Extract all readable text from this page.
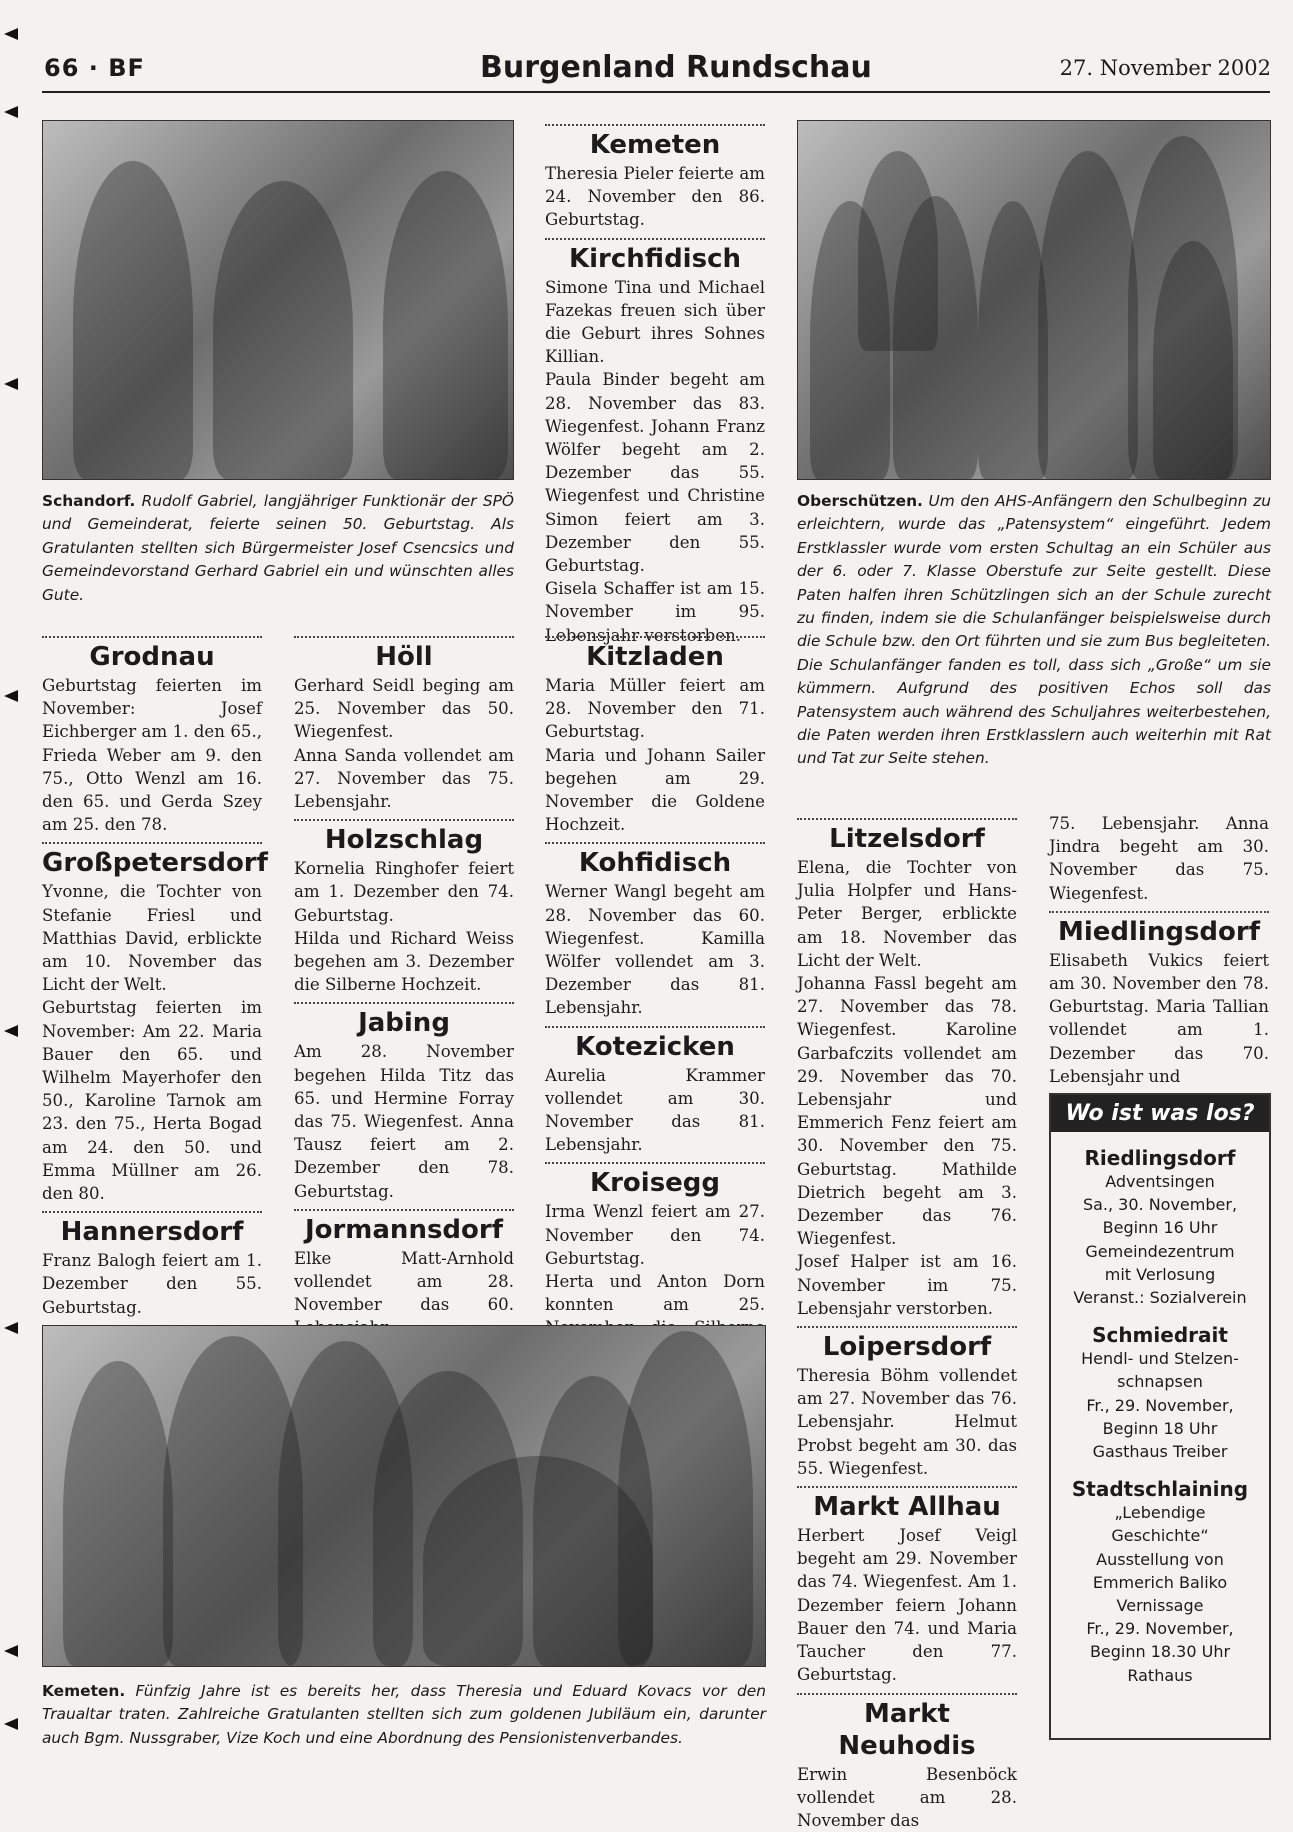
66 · BF	Burgenland Rundschau	27. November 2002
Schandorf. Rudolf Gabriel, langjähriger Funktionär der SPÖ und Gemeinderat, feierte seinen 50. Geburtstag. Als Gratulanten stellten sich Bürgermeister Josef Csencsics und Gemeindevorstand Gerhard Gabriel ein und wünschten alles Gute.
Oberschützen. Um den AHS-Anfängern den Schulbeginn zu erleichtern, wurde das „Patensystem“ eingeführt. Jedem Erstklassler wurde vom ersten Schultag an ein Schüler aus der 6. oder 7. Klasse Oberstufe zur Seite gestellt. Diese Paten halfen ihren Schützlingen sich an der Schule zurecht zu finden, indem sie die Schulanfänger beispielsweise durch die Schule bzw. den Ort führten und sie zum Bus begleiteten. Die Schulanfänger fanden es toll, dass sich „Große“ um sie kümmern. Aufgrund des positiven Echos soll das Patensystem auch während des Schuljahres weiterbestehen, die Paten werden ihren Erstklasslern auch weiterhin mit Rat und Tat zur Seite stehen.
Kemeten

Theresia Pieler feierte am 24. November den 86. Geburtstag.

Kirchfidisch

Simone Tina und Michael Fazekas freuen sich über die Geburt ihres Sohnes Killian.

Paula Binder begeht am 28. November das 83. Wiegenfest. Johann Franz Wölfer begeht am 2. Dezember das 55. Wiegenfest und Christine Simon feiert am 3. Dezember den 55. Geburtstag.

Gisela Schaffer ist am 15. November im 95. Lebensjahr verstorben.

Grodnau

Geburtstag feierten im November: Josef Eichberger am 1. den 65., Frieda Weber am 9. den 75., Otto Wenzl am 16. den 65. und Gerda Szey am 25. den 78.

Großpetersdorf

Yvonne, die Tochter von Stefanie Friesl und Matthias David, erblickte am 10. November das Licht der Welt.

Geburtstag feierten im November: Am 22. Maria Bauer den 65. und Wilhelm Mayerhofer den 50., Karoline Tarnok am 23. den 75., Herta Bogad am 24. den 50. und Emma Müllner am 26. den 80.

Hannersdorf

Franz Balogh feiert am 1. Dezember den 55. Geburtstag.

Höll

Gerhard Seidl beging am 25. November das 50. Wiegenfest.

Anna Sanda vollendet am 27. November das 75. Lebensjahr.

Holzschlag

Kornelia Ringhofer feiert am 1. Dezember den 74. Geburtstag.

Hilda und Richard Weiss begehen am 3. Dezember die Silberne Hochzeit.

Jabing

Am 28. November begehen Hilda Titz das 65. und Hermine Forray das 75. Wiegenfest. Anna Tausz feiert am 2. Dezember den 78. Geburtstag.

Jormannsdorf

Elke Matt-Arnhold vollendet am 28. November das 60.

Kitzladen

Maria Müller feiert am 28. November den 71. Geburtstag.

Maria und Johann Sailer begehen am 29. November die Goldene Hochzeit.

Kohfidisch

Werner Wangl begeht am 28. November das 60. Wiegenfest. Kamilla Wölfer vollendet am 3. Dezember das 81. Lebensjahr.

Kotezicken

Aurelia Krammer vollendet am 30. November das 81. Lebensjahr.

Kroisegg

Irma Wenzl feiert am 27. November den 74. Geburtstag.

Herta und Anton Dorn konnten am 25.

Kemeten. Fünfzig Jahre ist es bereits her, dass Theresia und Eduard Kovacs vor den Traualtar traten. Zahlreiche Gratulanten stellten sich zum goldenen Jubiläum ein, darunter auch Bgm. Nussgraber, Vize Koch und eine Abordnung des Pensionistenverbandes.
Litzelsdorf

Elena, die Tochter von Julia Holpfer und Hans-Peter Berger, erblickte am 18. November das Licht der Welt.

Johanna Fassl begeht am 27. November das 78. Wiegenfest. Karoline Garbafczits vollendet am 29. November das 70. Lebensjahr und Emmerich Fenz feiert am 30. November den 75. Geburtstag. Mathilde Dietrich begeht am 3. Dezember das 76. Wiegenfest.

Josef Halper ist am 16. November im 75. Lebensjahr verstorben.

Loipersdorf

Theresia Böhm vollendet am 27. November das 76. Lebensjahr. Helmut Probst begeht am 30. das 55. Wiegenfest.

Markt Allhau

Herbert Josef Veigl begeht am 29. November das 74. Wiegenfest. Am 1. Dezember feiern Johann Bauer den 74. und Maria Taucher den 77. Geburtstag.

Markt Neuhodis

Erwin Besenböck vollendet am 28. November das

75. Lebensjahr. Anna Jindra begeht am 30. November das 75. Wiegenfest.

Miedlingsdorf

Elisabeth Vukics feiert am 30. November den 78. Geburtstag. Maria Tallian vollendet am 1. Dezember das 70. Lebensjahr und

Wo ist was los?
Riedlingsdorf
Adventsingen
Sa., 30. November,
Beginn 16 Uhr
Gemeindezentrum
mit Verlosung
Veranst.: Sozialverein
Schmiedrait
Hendl- und Stelzen-
schnapsen
Fr., 29. November,
Beginn 18 Uhr
Gasthaus Treiber
Stadtschlaining
„Lebendige
Geschichte“
Ausstellung von
Emmerich Baliko
Vernissage
Fr., 29. November,
Beginn 18.30 Uhr
Rathaus
